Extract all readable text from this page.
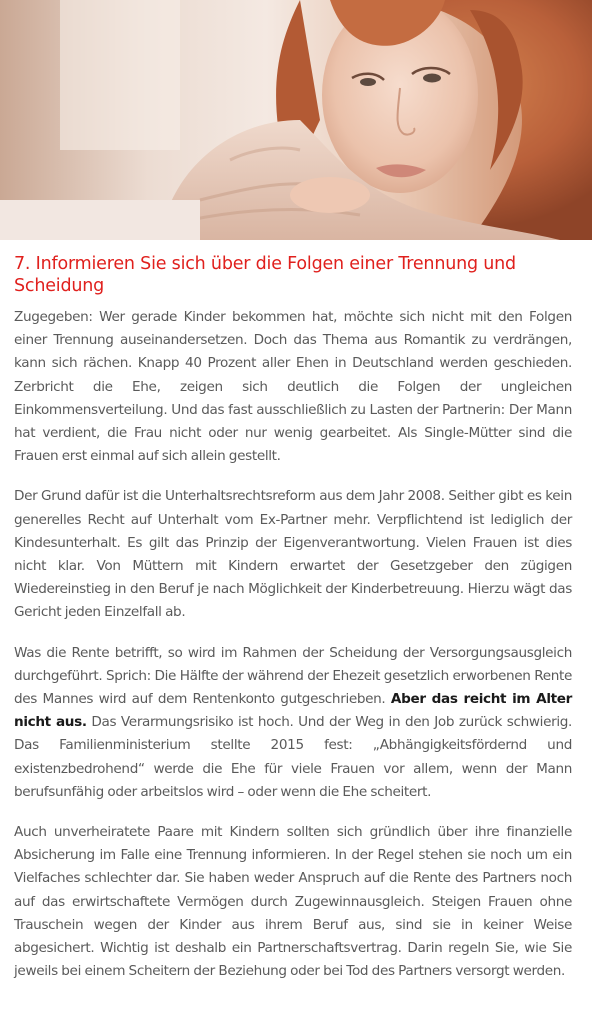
7. Informieren Sie sich über die Folgen einer Trennung und Scheidung

Zugegeben: Wer gerade Kinder bekommen hat, möchte sich nicht mit den Folgen einer Trennung auseinandersetzen. Doch das Thema aus Romantik zu verdrängen, kann sich rächen. Knapp 40 Prozent aller Ehen in Deutschland werden geschieden. Zerbricht die Ehe, zeigen sich deutlich die Folgen der ungleichen Einkommensverteilung. Und das fast ausschließlich zu Lasten der Partnerin: Der Mann hat verdient, die Frau nicht oder nur wenig gearbeitet. Als Single-Mütter sind die Frauen erst einmal auf sich allein gestellt.

Der Grund dafür ist die Unterhaltsrechtsreform aus dem Jahr 2008. Seither gibt es kein generelles Recht auf Unterhalt vom Ex-Partner mehr. Verpflichtend ist lediglich der Kindesunterhalt. Es gilt das Prinzip der Eigenverantwortung. Vielen Frauen ist dies nicht klar. Von Müttern mit Kindern erwartet der Gesetzgeber den zügigen Wiedereinstieg in den Beruf je nach Möglichkeit der Kinderbetreuung. Hierzu wägt das Gericht jeden Einzelfall ab.

Was die Rente betrifft, so wird im Rahmen der Scheidung der Versorgungsausgleich durchgeführt. Sprich: Die Hälfte der während der Ehezeit gesetzlich erworbenen Rente des Mannes wird auf dem Rentenkonto gutgeschrieben. Aber das reicht im Alter nicht aus. Das Verarmungsrisiko ist hoch. Und der Weg in den Job zurück schwierig. Das Familienministerium stellte 2015 fest: „Abhängigkeitsfördernd und existenzbedrohend“ werde die Ehe für viele Frauen vor allem, wenn der Mann berufsunfähig oder arbeitslos wird – oder wenn die Ehe scheitert.

Auch unverheiratete Paare mit Kindern sollten sich gründlich über ihre finanzielle Absicherung im Falle eine Trennung informieren. In der Regel stehen sie noch um ein Vielfaches schlechter dar. Sie haben weder Anspruch auf die Rente des Partners noch auf das erwirtschaftete Vermögen durch Zugewinnausgleich. Steigen Frauen ohne Trauschein wegen der Kinder aus ihrem Beruf aus, sind sie in keiner Weise abgesichert. Wichtig ist deshalb ein Partnerschaftsvertrag. Darin regeln Sie, wie Sie jeweils bei einem Scheitern der Beziehung oder bei Tod des Partners versorgt werden.
